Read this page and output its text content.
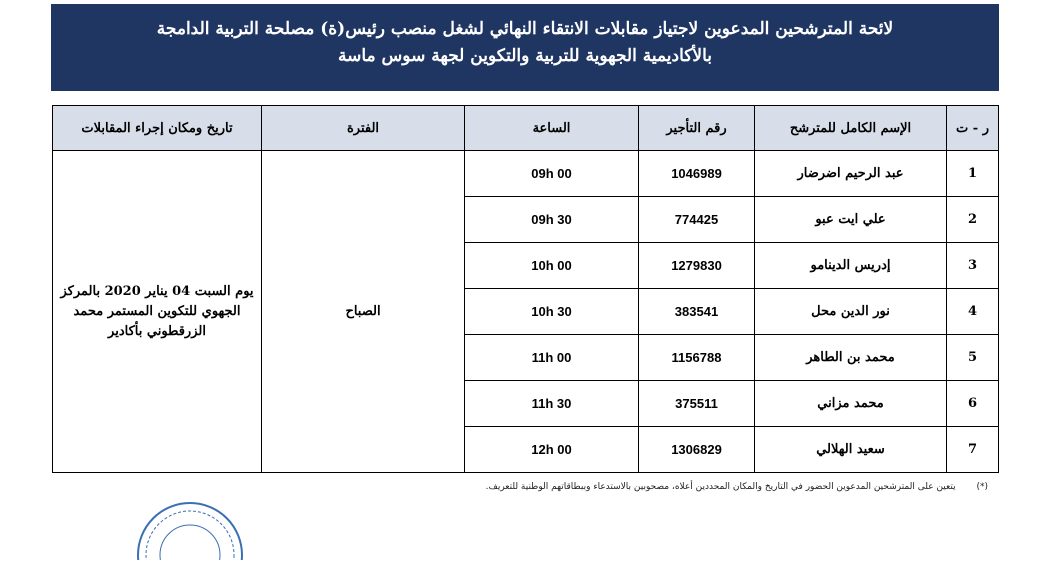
لائحة المترشحين المدعوين لاجتياز مقابلات الانتقاء النهائي لشغل منصب رئيس(ة) مصلحة التربية الدامجة
بالأكاديمية الجهوية للتربية والتكوين لجهة سوس ماسة
ر - ت	الإسم الكامل للمترشح	رقم التأجير	الساعة	الفترة	تاريخ ومكان إجراء المقابلات
1	عبد الرحيم اضرضار	1046989	09h 00	الصباح	يوم السبت 04 يناير 2020 بالمركز الجهوي للتكوين المستمر محمد الزرقطوني بأكادير
2	علي ايت عبو	774425	09h 30		
3	إدريس الدينامو	1279830	10h 00		
4	نور الدين محل	383541	10h 30		
5	محمد بن الطاهر	1156788	11h 00		
6	محمد مزاني	375511	11h 30		
7	سعيد الهلالي	1306829	12h 00		
(*) يتعين على المترشحين المدعوين الحضور في التاريخ والمكان المحددين أعلاه، مصحوبين بالاستدعاء وببطاقاتهم الوطنية للتعريف.
